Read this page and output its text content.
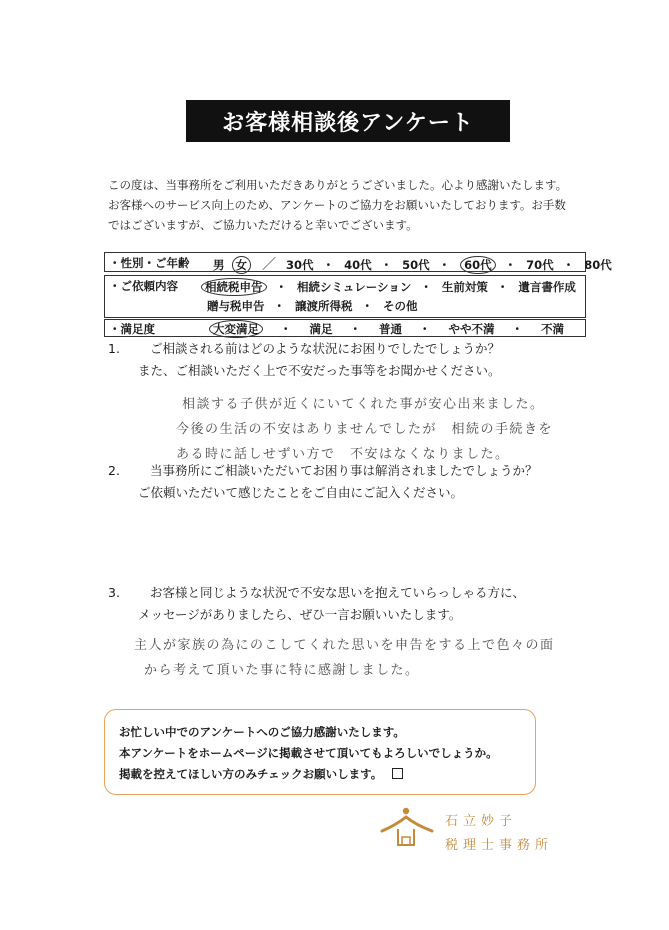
お客様相談後アンケート
この度は、当事務所をご利用いただきありがとうございました。心より感謝いたします。
お客様へのサービス向上のため、アンケートのご協力をお願いいたしております。お手数
ではございますが、ご協力いただけると幸いでございます。
・性別・ご年齢 男 女 ／ 30代 ・ 40代 ・ 50代 ・ 60代 ・ 70代 ・ 80代
・ご依頼内容	相続税申告 ・ 相続シミュレーション ・ 生前対策 ・ 遺言書作成
贈与税申告 ・ 譲渡所得税 ・ その他
・満足度	大変満足 ・ 満足 ・ 普通 ・ やや不満 ・ 不満
1. ご相談される前はどのような状況にお困りでしたでしょうか？
また、ご相談いただく上で不安だった事等をお聞かせください。
相談する子供が近くにいてくれた事が安心出来ました。
今後の生活の不安はありませんでしたが　相続の手続きを
ある時に話しせずい方で　不安はなくなりました。
2. 当事務所にご相談いただいてお困り事は解消されましたでしょうか？
ご依頼いただいて感じたことをご自由にご記入ください。
3. お客様と同じような状況で不安な思いを抱えていらっしゃる方に、
メッセージがありましたら、ぜひ一言お願いいたします。
主人が家族の為にのこしてくれた思いを申告をする上で色々の面
から考えて頂いた事に特に感謝しました。
お忙しい中でのアンケートへのご協力感謝いたします。
本アンケートをホームページに掲載させて頂いてもよろしいでしょうか。
掲載を控えてほしい方のみチェックお願いします。
石立妙子
税理士事務所
